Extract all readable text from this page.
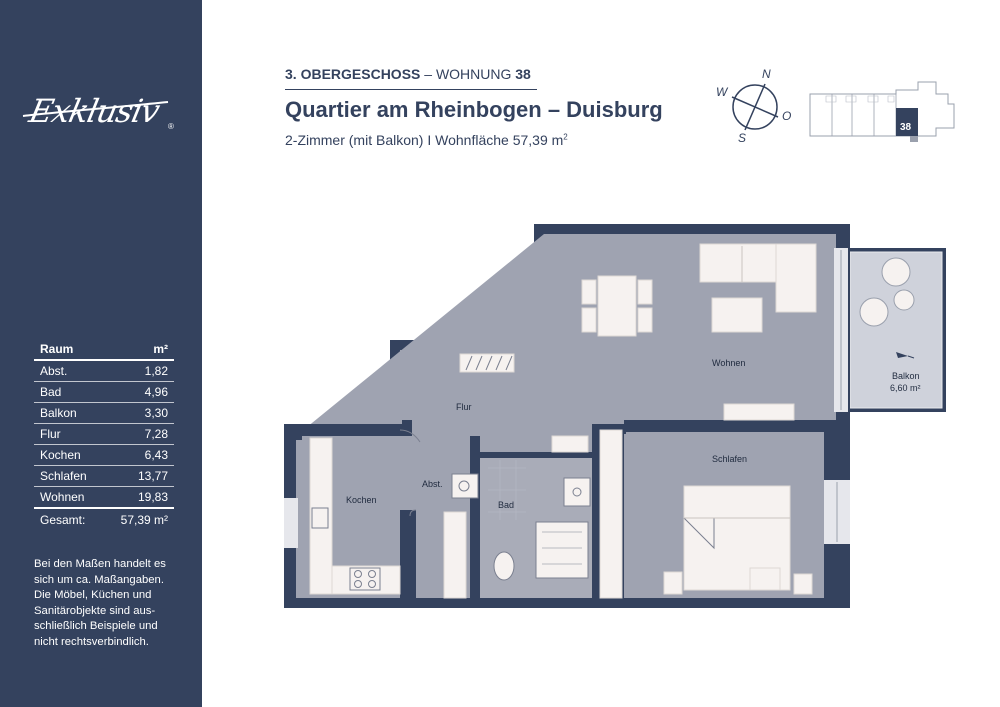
Exklusiv ®
Raum	m²
Abst.	1,82
Bad	4,96
Balkon	3,30
Flur	7,28
Kochen	6,43
Schlafen	13,77
Wohnen	19,83
Gesamt:	57,39 m²
Bei den Maßen handelt es sich um ca. Maßangaben. Die Möbel, Küchen und Sanitärobjekte sind aus-schließlich Beispiele und nicht rechtsverbindlich.
3. OBERGESCHOSS – WOHNUNG 38
Quartier am Rheinbogen – Duisburg
2-Zimmer (mit Balkon) I Wohnfläche 57,39 $m^2$
N
W
O
S
38
Wohnen
Flur
Schlafen
Kochen
Abst.
Bad
Balkon
6,60 m²
